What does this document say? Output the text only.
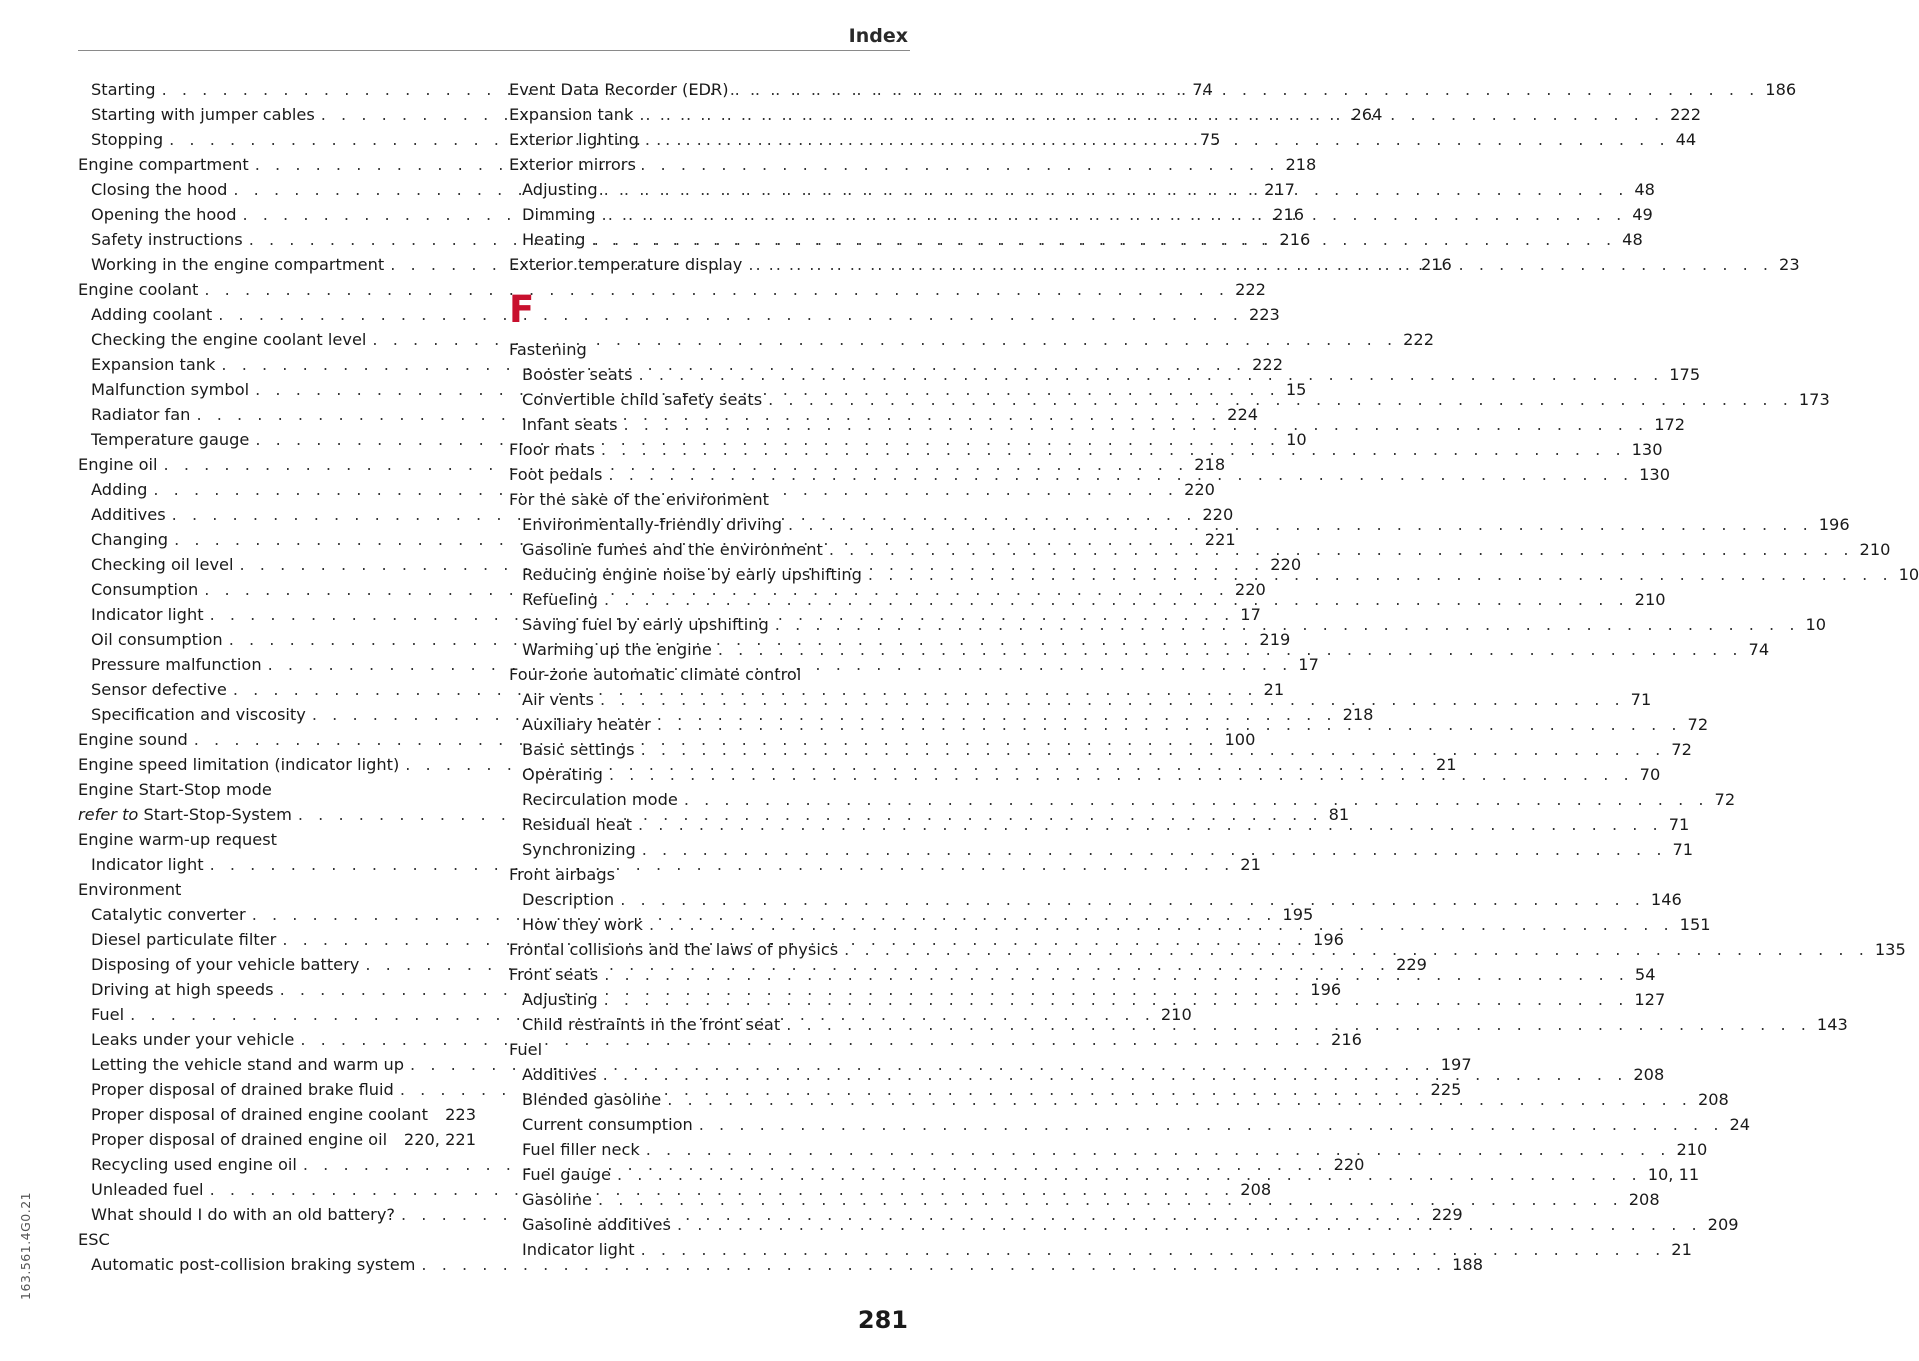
Index
Starting . . .	74
Starting with jumper cables . . .	264
Stopping . . .	75
Engine compartment . . .	218
Closing the hood . . .	217
Opening the hood . . .	216
Safety instructions . . .	216
Working in the engine compartment . . .	216
Engine coolant . . .	222
Adding coolant . . .	223
Checking the engine coolant level . . .	222
Expansion tank . . .	222
Malfunction symbol . . .	15
Radiator fan . . .	224
Temperature gauge . . .	10
Engine oil . . .	218
Adding . . .	220
Additives . . .	220
Changing . . .	221
Checking oil level . . .	220
Consumption . . .	220
Indicator light . . .	17
Oil consumption . . .	219
Pressure malfunction . . .	17
Sensor defective . . .	21
Specification and viscosity . . .	218
Engine sound . . .	100
Engine speed limitation (indicator light) . . .	21
Engine Start-Stop mode
refer to Start-Stop-System . . .	81
Engine warm-up request
Indicator light . . .	21
Environment
Catalytic converter . . .	195
Diesel particulate filter . . .	196
Disposing of your vehicle battery . . .	229
Driving at high speeds . . .	196
Fuel . . .	210
Leaks under your vehicle . . .	216
Letting the vehicle stand and warm up . . .	197
Proper disposal of drained brake fluid . . .	225
Proper disposal of drained engine coolant	223
Proper disposal of drained engine oil	220, 221
Recycling used engine oil . . .	220
Unleaded fuel . . .	208
What should I do with an old battery? . . .	229
ESC
Automatic post-collision braking system . . .	188
Event Data Recorder (EDR) . . .	186
Expansion tank . . .	222
Exterior lighting . . .	44
Exterior mirrors
Adjusting . . .	48
Dimming . . .	49
Heating . . .	48
Exterior temperature display . . .	23
F
Fastening
Booster seats . . .	175
Convertible child safety seats . . .	173
Infant seats . . .	172
Floor mats . . .	130
Foot pedals . . .	130
For the sake of the environment
Environmentally-friendly driving . . .	196
Gasoline fumes and the environment . . .	210
Reducing engine noise by early upshifting . . .	10
Refueling . . .	210
Saving fuel by early upshifting . . .	10
Warming up the engine . . .	74
Four-zone automatic climate control
Air vents . . .	71
Auxiliary heater . . .	72
Basic settings . . .	72
Operating . . .	70
Recirculation mode . . .	72
Residual heat . . .	71
Synchronizing . . .	71
Front airbags
Description . . .	146
How they work . . .	151
Frontal collisions and the laws of physics . . .	135
Front seats . . .	54
Adjusting . . .	127
Child restraints in the front seat . . .	143
Fuel
Additives . . .	208
Blended gasoline . . .	208
Current consumption . . .	24
Fuel filler neck . . .	210
Fuel gauge . . .	10, 11
Gasoline . . .	208
Gasoline additives . . .	209
Indicator light . . .	21
163.561.4G0.21
281
